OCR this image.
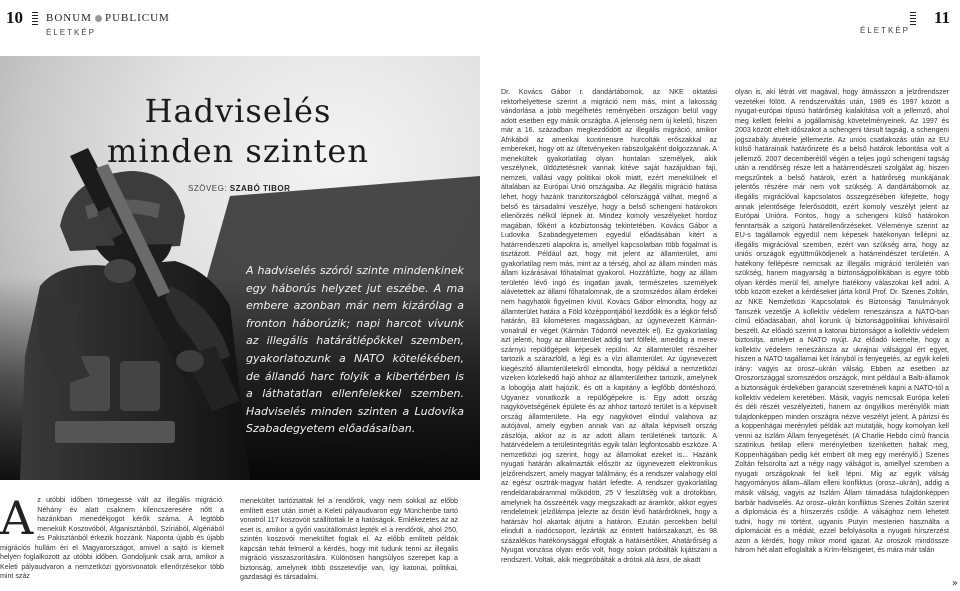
10 BONUM PUBLICUM
ÉLETKÉP	ÉLETKÉP
11
Hadviselés
minden szinten
SZÖVEG: SZABÓ TIBOR
A hadviselés szóról szinte mindenkinek egy háborús helyzet jut eszébe. A ma embere azonban már nem kizárólag a fronton háborúzik; napi harcot vívunk az illegális határátlépőkkel szemben, gyakorlatozunk a NATO kötelékében, de állandó harc folyik a kibertérben is a láthatatlan ellenfelekkel szemben. Hadviselés minden szinten a Ludovika Szabadegyetem előadásaiban.
A z utóbbi időben tömegessé vált az illegális migráció. Néhány év alatt csaknem kilencszeresére nőtt a hazánkban menedékjogot kérők száma. A legtöbb menekült Koszovóból, Afganisztánból, Szíriából, Algériából és Pakisztánból érkezik hozzánk. Naponta újabb és újabb migrációs hullám éri el Magyarországot, amivel a sajtó is kiemelt helyen foglalkozott az utóbbi időben. Gondoljunk csak arra, amikor a Keleti pályaudvaron a nemzetközi gyorsvonatok ellenőrzésekor több mint száz

menekültet tartóztattak fel a rendőrök, vagy nem sokkal az előbb említett eset után ismét a Keleti pályaudvaron egy Münchenbe tartó vonatról 117 koszovóit szállítottak le a hatóságok. Emlékezetes az az eset is, amikor a győri vasútállomást lepték el a rendőrök, ahol 250, szintén koszovói menekültet fogtak el. Az előbb említett példák kapcsán tehát felmerül a kérdés, hogy mit tudunk tenni az illegális migráció visszaszorítására. Különösen hangsúlyos szerepet kap a biztonság, amelynek több összetevője van, így katonai, politikai, gazdasági és társadalmi.

Dr. Kovács Gábor r. dandártábornok, az NKE oktatási rektorhelyettese szerint a migráció nem más, mint a lakosság vándorlása a jobb megélhetés reményében országon belül vagy adott esetben egy másik országba. A jelenség nem új keletű, hiszen már a 16. században megkezdődött az illegális migráció, amikor Afrikából az amerikai kontinensre hurcolták erőszakkal az embereket, hogy ott az ültetvényeken rabszolgaként dolgozzanak. A menekültek gyakorlatilag olyan hontalan személyek, akik veszélynek, üldöztetésnek vannak kitéve saját hazájukban faji, nemzeti, vallási vagy politikai okok miatt, ezért menekülnek el általában az Európai Unió országaiba. Az illegális migráció hatása lehet, hogy hazánk tranzitországból célországgá válhat, megnő a belső és társadalmi veszélye, hogy a belső schengeni határokon ellenőrzés nélkül lépnek át. Mindez komoly veszélyeket hordoz magában, főként a közbiztonság tekintetében. Kovács Gábor a Ludovika Szabadegyetemen egyedül előadásában kitért a határrendészeti alapokra is, amellyel kapcsolatban több fogalmat is tisztázott. Például azt, hogy mit jelent az államterület, ami gyakorlatilag nem más, mint az a térség, ahol az állam minden más állam kizárásával főhatalmat gyakorol. Hozzáfűzte, hogy az állam területén lévő ingó és ingatlan javak, természetes személyek alávetettek az állami főhatalomnak, de a szomszédos állam érdekei nem hagyhatók figyelmen kívül. Kovács Gábor elmondta, hogy az államterület határa a Föld középpontjából kezdődik és a légkör felső határán, 83 kilométeres magasságban, az úgynevezett Kármán-vonalnál ér véget (Kármán Tódorról nevezték el). Ez gyakorlatilag azt jelenti, hogy az államterület addig tart fölfelé, ameddig a merev szárnyú repülőgépek képesek repülni. Az államterület részeiher tartozik a szárazföld, a légi és a vízi államterület. Az úgynevezett kiegészítő államterületekről elmondta, hogy például a nemzetközi vizeken közlekedő hajó ahhoz az államterülethez tartozik, amelynek a lobogója alatt hajózik, és ott a kapitány a legfőbb döntéshozó. Ugyanez vonatkozik a repülőgépekre is. Egy adott ország nagykövetségének épülete és az ahhoz tartozó terület is a képviselt ország államterülete. Ha egy nagykövet elindul valahova az autójával, amely egyben annak van az általa képviselt ország zászlója, akkor az is az adott állam területének tartozik. A határvédelem a területintegritás egyik talán legfontosabb eszköze. A nemzetközi jog szerint, hogy az államokat ezeket is... Hazánk nyugati határán alkalmazták először az úgynevezett elektronikus jelzőrendszert, amely magyar találmány, és a rendszer valahogy elöl az egész osztrák-magyar határt lefedte. A rendszer gyakorlatilag rendeldarabárammal működött, 25 V feszültség volt a drótokban, amelynek ha összeérték vagy megszakadt az áramkör, akkor egyes rendeletnek jelzőlámpa jelezte az őrsön lévő határőröknek, hogy a határsáv hol akartak átjutni a határon. Ezután percekben belül elindult a riadócsoport, lezárták az érintett határszakaszt, és 98 százalékos hatékonysággal elfogták a határsértőket. Ahatárőrség a Nyugat vonzása olyan erős volt, hogy sokan próbálták kijátszani a rendszert. Voltak, akik megpróbálták a drótok alá ásni, de akadt

olyan is, aki létrát vitt magával, hogy átmásszon a jelzőrendszer vezetékei fölött. A rendszerváltás után, 1989 és 1997 között a nyugat-európai típusú határőrség kialakítása volt a jellemző, ahol meg kellett felelni a jogállamiság követelményeinek. Az 1997 és 2003 között eltelt időszakot a schengeni társult tagság, a schengeni jogszabály átvétele jellemezte. Az uniós csatlakozás után az EU külső határainak határőrizete és a belső határok lebontása volt a jellemző. 2007 decemberétől végén a teljes jogú schengeni tagság után a rendőrség része lett a határrendészeti szolgálat ág, hiszen megszűntek a belső határok, ezért a határőrség munkájának jelentős részére már nem volt szükség. A dandártábornok az illegális migrációval kapcsolatos összegzésében kifejtette, hogy annak jelentősége felerősödött, ezért komoly veszélyt jelent az Európai Unióra. Fontos, hogy a schengeni külső határokon fenntartsák a szigorú határellenőrzéseket. Véleménye szerint az EU-s tagállamok egyedül nem képesek hatékonyan fellépni az illegális migrációval szemben, ezért van szükség arra, hogy az uniós országok együttműködjenek a határrendészet területén. A hatékony fellépésre nemcsak az illegális migráció területén van szükség, hanem magyarság a biztonságpolitikában is egyre több olyan kérdés merül fel, amelyre hatékony válaszokat kell adni. A több között ezeket a kérdéseket járta körül Prof. Dr. Szenes Zoltán, az NKE Nemzetközi Kapcsolatok és Biztonsági Tanulmányok Tanszék vezetője A kollektív védelem reneszánsza a NATO-ban című előadásában, ahol korunk új biztonságpolitikai kihívásairól beszélt. Az előadó szerint a katonai biztonságot a kollektív védelem biztosítja, amelyet a NATO nyújt. Az előadó kiemelte, hogy a kollektív védelem reneszánsza az ukrajnai válsággal ért egyet, hiszen a NATO tagállamai két irányból is fenyegetés, az egyik keleti irány: vagyis az orosz–ukrán válság. Ebben az esetben az Oroszországgal szomszédos országok, mint például a Balti-államok a biztonságuk érdekében garanciát szeretnének kapni a NATO-tól a kollektív védelem keretében. Másik, vagyis nemcsak Európa keleti és déli részét veszélyezteti, hanem az óngyilkos merénylők miatt tulajdonképpen minden országra nézve veszélyt jelent. A párizsi és a koppenhágai merényleti példák azt mutatják, hogy komolyan kell venni az Iszlám Állam fenyegetését. (A Charlie Hebdo címû francia szatirikus hetilap elleni merényletben tizenketten haltak meg, Koppenhágában pedig két embert ölt meg egy merénylő.) Szenes Zoltán felsorolta azt a négy nagy válságot is, amellyel szemben a nyugati országoknak fel kell lépni. Mig az egyik válság hagyományos állam–állam elleni konfliktus (orosz–ukrán), addig a másik válság, vagyis az Iszlám Állam támadása tulajdonképpen barbár hadviselés. Az orosz–ukrán konfliktus Szenes Zoltán szerint a diplomácia és a hírszerzés csődje. A válsághoz nem lehetett tudni, hogy mi történt, ugyanis Putyin mesterien használta a diplomáciát és a médiát, ezzel befolyásolta a nyugati hírszerzést azon a kérdés, hogy mikor mond igazat. Az oroszok mindössze három hét alatt elfoglalták a Krím-félszigetet, és mára már talán

»
